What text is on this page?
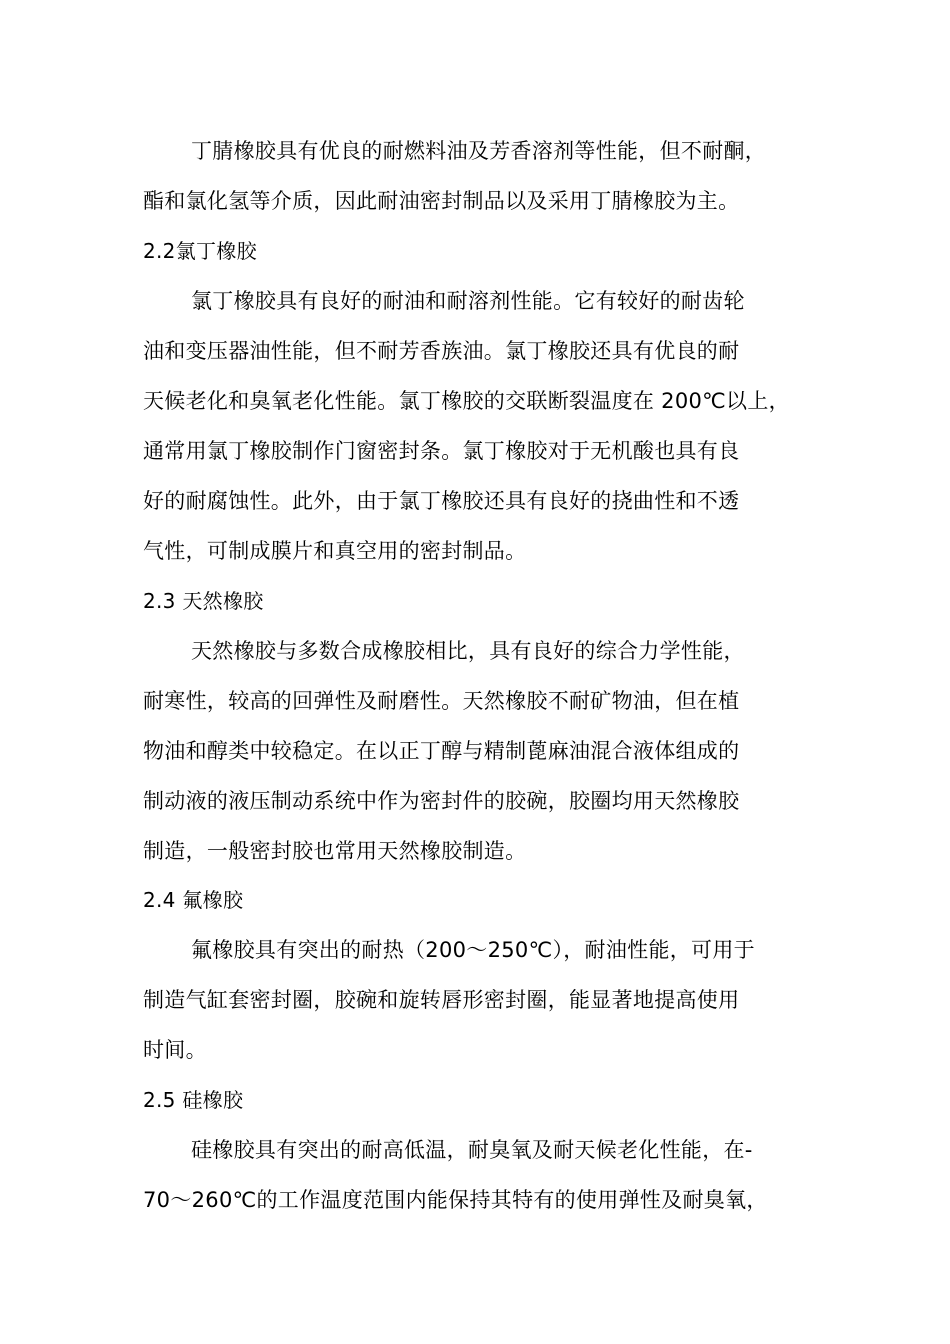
丁腈橡胶具有优良的耐燃料油及芳香溶剂等性能，但不耐酮，
酯和氯化氢等介质，因此耐油密封制品以及采用丁腈橡胶为主。
2.2氯丁橡胶
氯丁橡胶具有良好的耐油和耐溶剂性能。它有较好的耐齿轮
油和变压器油性能，但不耐芳香族油。氯丁橡胶还具有优良的耐
天候老化和臭氧老化性能。氯丁橡胶的交联断裂温度在 200℃以上，
通常用氯丁橡胶制作门窗密封条。氯丁橡胶对于无机酸也具有良
好的耐腐蚀性。此外，由于氯丁橡胶还具有良好的挠曲性和不透
气性，可制成膜片和真空用的密封制品。
2.3 天然橡胶
天然橡胶与多数合成橡胶相比，具有良好的综合力学性能，
耐寒性，较高的回弹性及耐磨性。天然橡胶不耐矿物油，但在植
物油和醇类中较稳定。在以正丁醇与精制蓖麻油混合液体组成的
制动液的液压制动系统中作为密封件的胶碗，胶圈均用天然橡胶
制造，一般密封胶也常用天然橡胶制造。
2.4 氟橡胶
氟橡胶具有突出的耐热（200～250℃），耐油性能，可用于
制造气缸套密封圈，胶碗和旋转唇形密封圈，能显著地提高使用
时间。
2.5 硅橡胶
硅橡胶具有突出的耐高低温，耐臭氧及耐天候老化性能，在-
70～260℃的工作温度范围内能保持其特有的使用弹性及耐臭氧，
